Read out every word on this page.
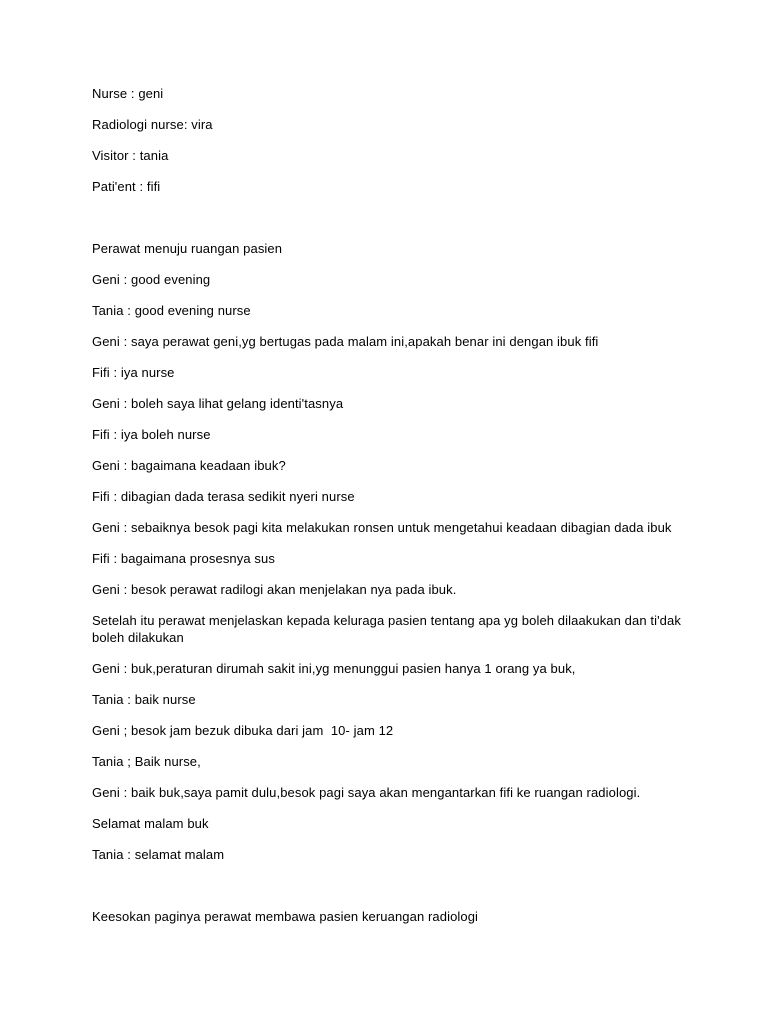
Nurse : geni
Radiologi nurse: vira
Visitor : tania
Pati'ent : fifi
Perawat menuju ruangan pasien
Geni : good evening
Tania : good evening nurse
Geni : saya perawat geni,yg bertugas pada malam ini,apakah benar ini dengan ibuk fifi
Fifi : iya nurse
Geni : boleh saya lihat gelang identi'tasnya
Fifi : iya boleh nurse
Geni : bagaimana keadaan ibuk?
Fifi : dibagian dada terasa sedikit nyeri nurse
Geni : sebaiknya besok pagi kita melakukan ronsen untuk mengetahui keadaan dibagian dada ibuk
Fifi : bagaimana prosesnya sus
Geni : besok perawat radilogi akan menjelakan nya pada ibuk.
Setelah itu perawat menjelaskan kepada keluraga pasien tentang apa yg boleh dilaakukan dan ti'dak boleh dilakukan
Geni : buk,peraturan dirumah sakit ini,yg menunggui pasien hanya 1 orang ya buk,
Tania : baik nurse
Geni ; besok jam bezuk dibuka dari jam  10- jam 12
Tania ; Baik nurse,
Geni : baik buk,saya pamit dulu,besok pagi saya akan mengantarkan fifi ke ruangan radiologi.
Selamat malam buk
Tania : selamat malam
Keesokan paginya perawat membawa pasien keruangan radiologi
